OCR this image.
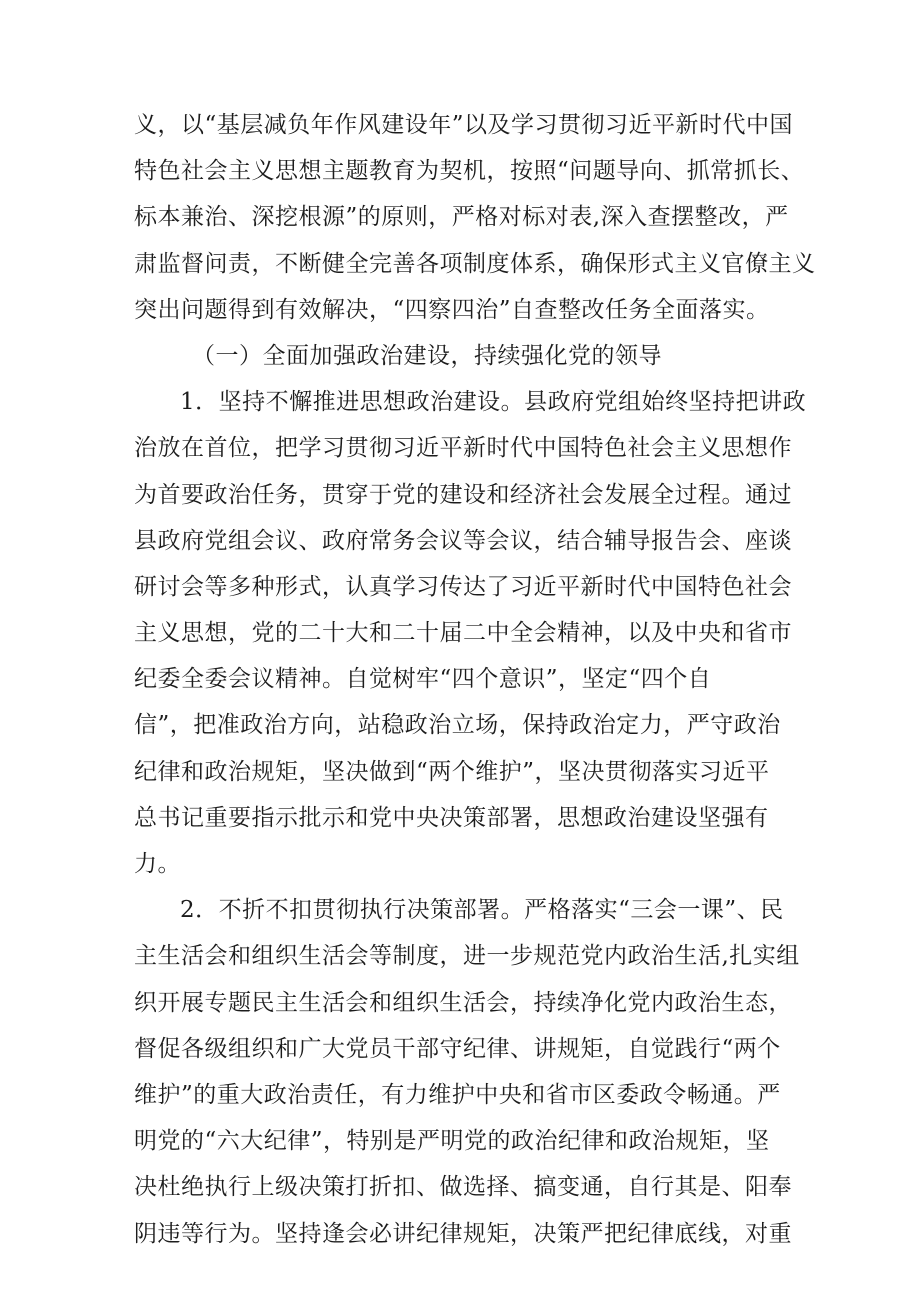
义，以“基层减负年作风建设年”以及学习贯彻习近平新时代中国
特色社会主义思想主题教育为契机，按照“问题导向、抓常抓长、
标本兼治、深挖根源”的原则，严格对标对表,深入查摆整改，严
肃监督问责，不断健全完善各项制度体系，确保形式主义官僚主义
突出问题得到有效解决，“四察四治”自查整改任务全面落实。
（一）全面加强政治建设，持续强化党的领导
1．坚持不懈推进思想政治建设。县政府党组始终坚持把讲政
治放在首位，把学习贯彻习近平新时代中国特色社会主义思想作
为首要政治任务，贯穿于党的建设和经济社会发展全过程。通过
县政府党组会议、政府常务会议等会议，结合辅导报告会、座谈
研讨会等多种形式，认真学习传达了习近平新时代中国特色社会
主义思想，党的二十大和二十届二中全会精神，以及中央和省市
纪委全委会议精神。自觉树牢“四个意识”，坚定“四个自
信”，把准政治方向，站稳政治立场，保持政治定力，严守政治
纪律和政治规矩，坚决做到“两个维护”，坚决贯彻落实习近平
总书记重要指示批示和党中央决策部署，思想政治建设坚强有
力。
2．不折不扣贯彻执行决策部署。严格落实“三会一课”、民
主生活会和组织生活会等制度，进一步规范党内政治生活,扎实组
织开展专题民主生活会和组织生活会，持续净化党内政治生态，
督促各级组织和广大党员干部守纪律、讲规矩，自觉践行“两个
维护”的重大政治责任，有力维护中央和省市区委政令畅通。严
明党的“六大纪律”，特别是严明党的政治纪律和政治规矩，坚
决杜绝执行上级决策打折扣、做选择、搞变通，自行其是、阳奉
阴违等行为。坚持逢会必讲纪律规矩，决策严把纪律底线，对重
